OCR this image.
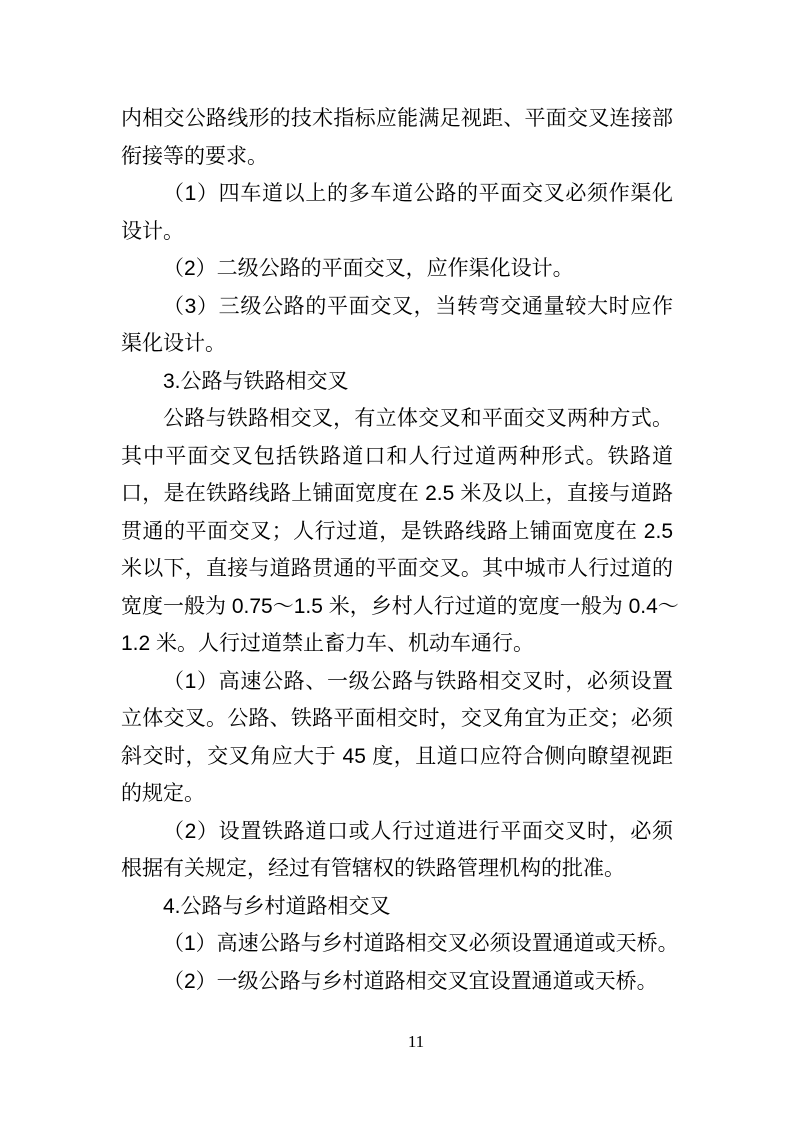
内相交公路线形的技术指标应能满足视距、平面交叉连接部
衔接等的要求。
（1）四车道以上的多车道公路的平面交叉必须作渠化
设计。
（2）二级公路的平面交叉，应作渠化设计。
（3）三级公路的平面交叉，当转弯交通量较大时应作
渠化设计。
3.公路与铁路相交叉
公路与铁路相交叉，有立体交叉和平面交叉两种方式。
其中平面交叉包括铁路道口和人行过道两种形式。铁路道
口，是在铁路线路上铺面宽度在 2.5 米及以上，直接与道路
贯通的平面交叉；人行过道，是铁路线路上铺面宽度在 2.5
米以下，直接与道路贯通的平面交叉。其中城市人行过道的
宽度一般为 0.75～1.5 米，乡村人行过道的宽度一般为 0.4～
1.2 米。人行过道禁止畜力车、机动车通行。
（1）高速公路、一级公路与铁路相交叉时，必须设置
立体交叉。公路、铁路平面相交时，交叉角宜为正交；必须
斜交时，交叉角应大于 45 度，且道口应符合侧向瞭望视距
的规定。
（2）设置铁路道口或人行过道进行平面交叉时，必须
根据有关规定，经过有管辖权的铁路管理机构的批准。
4.公路与乡村道路相交叉
（1）高速公路与乡村道路相交叉必须设置通道或天桥。
（2）一级公路与乡村道路相交叉宜设置通道或天桥。
11
